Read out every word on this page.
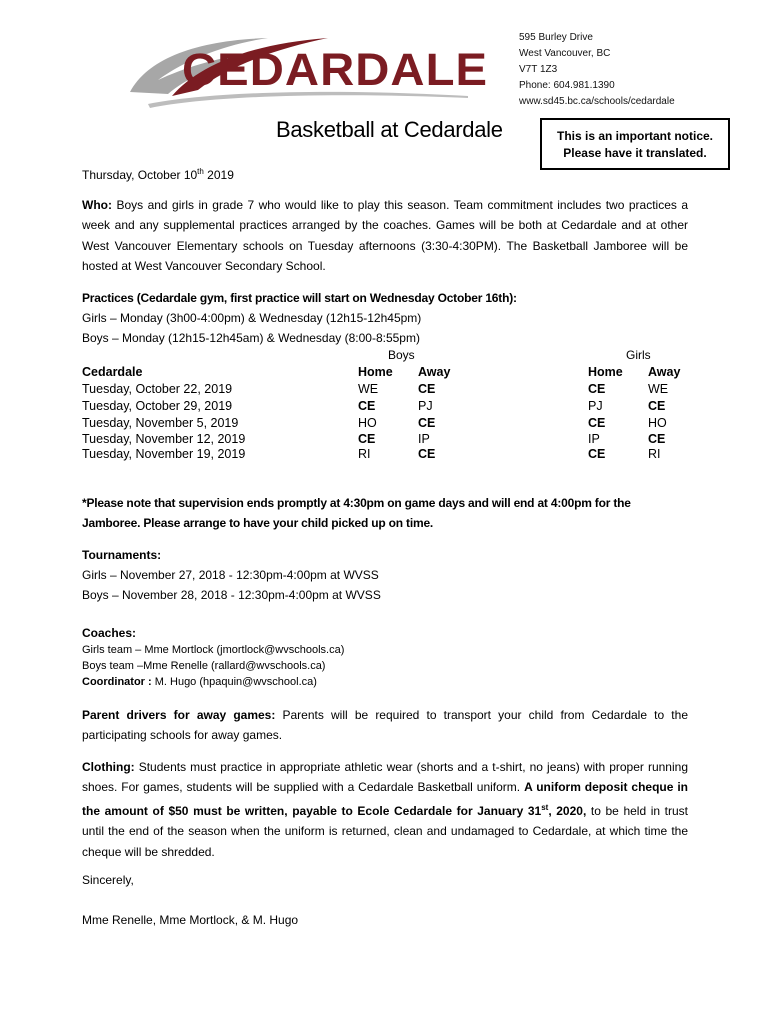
CEDARDALE
595 Burley Drive
West Vancouver, BC
V7T 1Z3
Phone: 604.981.1390
www.sd45.bc.ca/schools/cedardale
Basketball at Cedardale	This is an important notice.
Please have it translated.
Thursday, October 10th 2019
Who: Boys and girls in grade 7 who would like to play this season. Team commitment includes two practices a week and any supplemental practices arranged by the coaches. Games will be both at Cedardale and at other West Vancouver Elementary schools on Tuesday afternoons (3:30-4:30PM). The Basketball Jamboree will be hosted at West Vancouver Secondary School.
Practices (Cedardale gym, first practice will start on Wednesday October 16th):
Girls – Monday (3h00-4:00pm) & Wednesday (12h15-12h45pm)
Boys – Monday (12h15-12h45am) & Wednesday (8:00-8:55pm)
Boys	Girls
Cedardale	Home Away	Home Away
Tuesday, October 22, 2019	WE	CE	CE	WE
Tuesday, October 29, 2019	CE	PJ	PJ	CE
Tuesday, November 5, 2019	HO	CE	CE	HO
Tuesday, November 12, 2019	CE	IP	IP	CE
Tuesday, November 19, 2019	RI	CE	CE	RI
*Please note that supervision ends promptly at 4:30pm on game days and will end at 4:00pm for the Jamboree. Please arrange to have your child picked up on time.
Tournaments:
Girls – November 27, 2018 - 12:30pm-4:00pm at WVSS
Boys – November 28, 2018 - 12:30pm-4:00pm at WVSS
Coaches:
Girls team – Mme Mortlock (jmortlock@wvschools.ca)
Boys team –Mme Renelle (rallard@wvschools.ca)
Coordinator : M. Hugo (hpaquin@wvschool.ca)
Parent drivers for away games: Parents will be required to transport your child from Cedardale to the participating schools for away games.
Clothing: Students must practice in appropriate athletic wear (shorts and a t-shirt, no jeans) with proper running shoes. For games, students will be supplied with a Cedardale Basketball uniform. A uniform deposit cheque in the amount of $50 must be written, payable to Ecole Cedardale for January 31st, 2020, to be held in trust until the end of the season when the uniform is returned, clean and undamaged to Cedardale, at which time the cheque will be shredded.
Sincerely,
Mme Renelle, Mme Mortlock, & M. Hugo
